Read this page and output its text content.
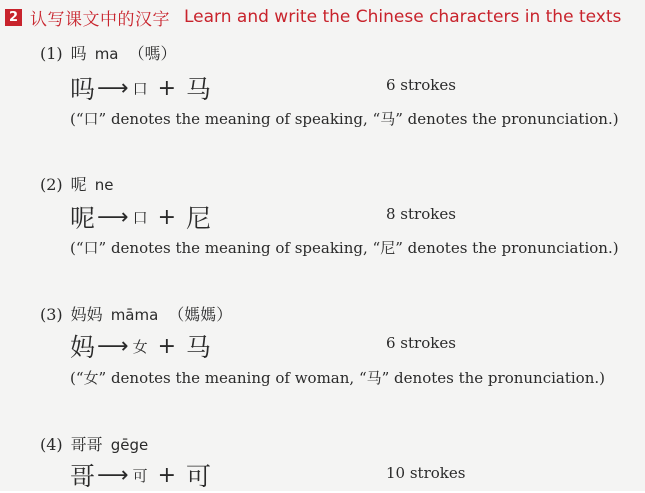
2 认写课文中的汉字 Learn and write the Chinese characters in the texts
(1) 吗 ma （嗎）
吗 ⟶ 口 + 马	6 strokes
(“口” denotes the meaning of speaking, “马” denotes the pronunciation.)
(2) 呢 ne
呢 ⟶ 口 + 尼	8 strokes
(“口” denotes the meaning of speaking, “尼” denotes the pronunciation.)
(3) 妈妈 māma （媽媽）
妈 ⟶ 女 + 马	6 strokes
(“女” denotes the meaning of woman, “马” denotes the pronunciation.)
(4) 哥哥 gēge
哥 ⟶ 可 + 可	10 strokes
